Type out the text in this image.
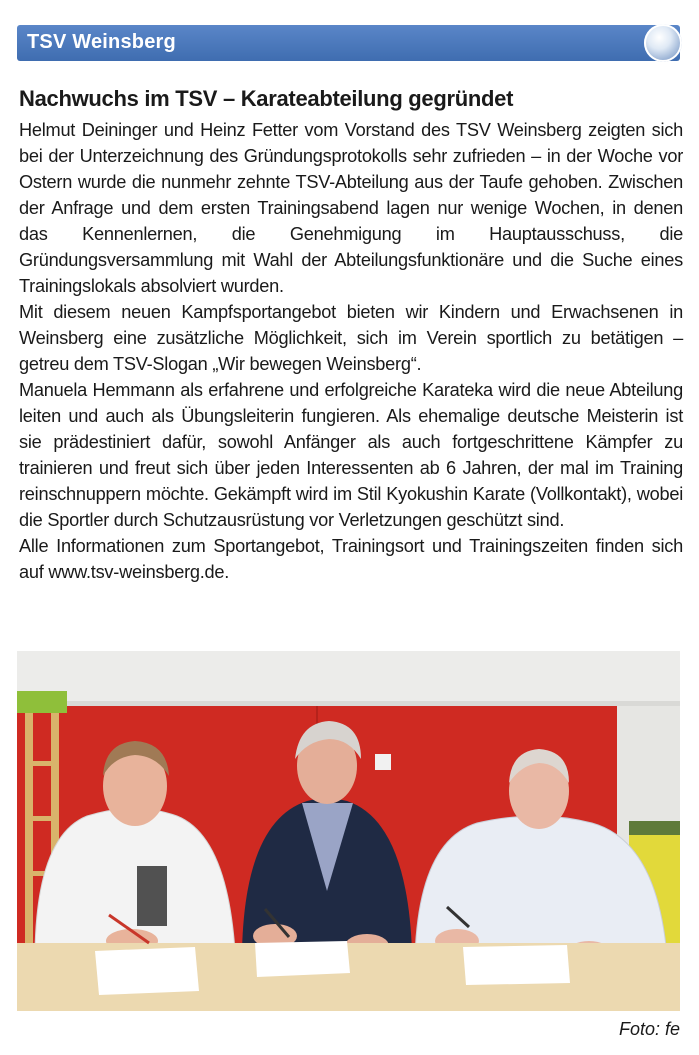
TSV Weinsberg
Nachwuchs im TSV – Karateabteilung gegründet

Helmut Deininger und Heinz Fetter vom Vorstand des TSV Weinsberg zeigten sich bei der Unterzeichnung des Gründungsprotokolls sehr zufrieden – in der Woche vor Ostern wurde die nunmehr zehnte TSV-Abteilung aus der Taufe gehoben. Zwischen der Anfrage und dem ersten Trainingsabend lagen nur wenige Wochen, in denen das Kennenlernen, die Genehmigung im Hauptausschuss, die Gründungsversammlung mit Wahl der Abteilungsfunktionäre und die Suche eines Trainingslokals absolviert wurden.

Mit diesem neuen Kampfsportangebot bieten wir Kindern und Erwachsenen in Weinsberg eine zusätzliche Möglichkeit, sich im Verein sportlich zu betätigen – getreu dem TSV-Slogan „Wir bewegen Weinsberg“.

Manuela Hemmann als erfahrene und erfolgreiche Karateka wird die neue Abteilung leiten und auch als Übungsleiterin fungieren. Als ehemalige deutsche Meisterin ist sie prädestiniert dafür, sowohl Anfänger als auch fortgeschrittene Kämpfer zu trainieren und freut sich über jeden Interessenten ab 6 Jahren, der mal im Training reinschnuppern möchte. Gekämpft wird im Stil Kyokushin Karate (Vollkontakt), wobei die Sportler durch Schutzausrüstung vor Verletzungen geschützt sind.

Alle Informationen zum Sportangebot, Trainingsort und Trainingszeiten finden sich auf www.tsv-weinsberg.de.

Foto: fe
